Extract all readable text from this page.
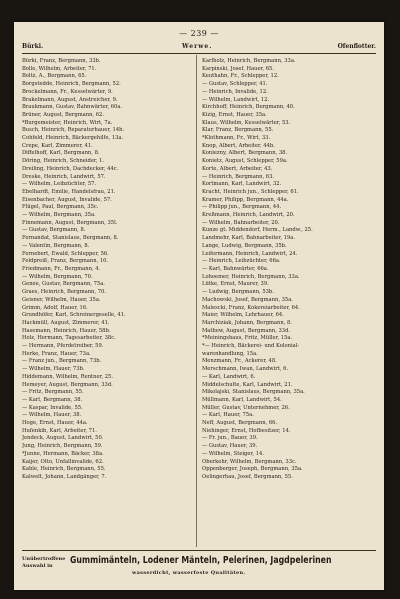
— 239 —
Bürki.	Werwe.	Ofenflotter.
Bürki, Franz, Bergmann, 33b.
Bolle, Wilhelm, Arbeiter, 71.
Boltz, A., Bergmann, 65.
Borgstedde, Heinrich, Bergmann, 52.
Brockelmann, Fr., Kesselwärter, 9.
Brakelmann, August, Anstreicher, 9.
Braukmann, Gustav, Bahnwärter, 60a.
Brüner, August, Bergmann, 62.
*Burgemeister, Heinrich, Wirt, 7a.
Busch, Heinrich, Reparaturhauer, 14b.
Cohfeld, Heinrich, Bäckergehilfe, 13a.
Crepe, Karl, Zimmerer, 41.
Diffelhoff, Karl, Bergmann, 8.
Döring, Heinrich, Schneider, 1.
Dreiling, Heinrich, Dachdecker, 44c.
Dreske, Heinrich, Landwirt, 57.
— Wilhelm, Leibzüchter, 57.
Ebelhardt, Emilie, Handelsfrau, 21.
Eisenbacher, August, Invalide, 57.
Flügel, Paul, Bergmann, 35c.
— Wilhelm, Bergmann, 35a.
Finnemann, August, Bergmann, 35l.
— Gustav, Bergmann, 8.
Fernandat, Stanislaus, Bergmann, 8.
— Valentin, Bergmann, 8.
Fernebert, Ewald, Schlepper, 56.
Feldpreiß, Franz, Bergmann, 10.
Friedmann, Fr., Bergmann, 4.
— Wilhelm, Bergmann, 70.
Genée, Gustav, Bergmann, 75a.
Graes, Heinrich, Bergmann, 70.
Geisner, Wilhelm, Hauer, 35a.
Grimm, Adolf, Hauer, 16.
Grundhöfer, Karl, Schreinergeselle, 41.
Hackmüll, August, Zimmerer, 41.
Hasemann, Heinrich, Hauer, 58b.
Holz, Hermann, Tagesarbeiter, 38c.
— Hermann, Pferdetreiber, 59.
Herke, Franz, Hauer, 73a.
— Franz jun., Bergmann, 73b.
— Wilhelm, Hauer, 73b.
Hiddemann, Wilhelm, Rentner, 25.
Hemeyer, August, Bergmann, 33d.
— Fritz, Bergmann, 55.
— Karl, Bergmann, 38.
— Kaspar, Invalide, 55.
— Wilhelm, Hauer, 38.
Hoge, Ernst, Hauer, 44a.
Hufenkib, Karl, Arbeiter, 71.
Jendeck, August, Landwirt, 50.
Jung, Heinrich, Bergmann, 59.
*Junne, Hermann, Bäcker, 38a.
Kaijer, Otto, Unfallinvalide, 62.
Kahle, Heinrich, Bergmann, 55.
Kalwelt, Johann, Landgänger, 7.
Karlholz, Heinrich, Bergmann, 33a.
Karpinski, Josef, Hauer, 65.
Keuthahn, Fr., Schlepper, 12.
— Gustav, Schlepper, 41.
— Heinrich, Invalide, 12.
— Wilhelm, Landwirt, 12.
Kirchhoff, Heinrich, Bergmann, 40.
Kizig, Ernst, Hauer, 35a.
Klaus, Wilhelm, Kesselwärter, 53.
Klar, Franz, Bergmann, 55.
*Klothmann, Fr., Wirt, 33.
Knop, Albert, Arbeiter, 44b.
Koniezny, Albert, Bergmann, 38.
Konietz, August, Schlepper, 59a.
Korte, Albert, Arbeiter, 43.
— Heinrich, Bergmann, 63.
Kortmann, Karl, Landwirt, 32.
Kracht, Heinrich jun., Schlepper, 61.
Kramer, Philipp, Bergmann, 44a.
— Philipp jun., Bergmann, 44.
Kreßmann, Heinrich, Landwirt, 20.
— Wilhelm, Bahnarbeiter, 20.
Kunze gt. Middendorf, Herm., Landw., 25.
Landmehr, Karl, Bahnarbeiter, 19a.
Lange, Ludwig, Bergmann, 35b.
Leifermann, Heinrich, Landwirt, 24.
— Heinrich, Leibzüchter, 66a.
— Karl, Bahnwärter, 66a.
Lohoemer, Heinrich, Bergmann, 33a.
Lütke, Ernst, Maurer, 39.
— Ludwig, Bergmann, 53b.
Machowski, Josef, Bergmann, 35a.
Malescki, Franz, Kokereiarbeiter, 64.
Maier, Wilhelm, Lehrhauer, 64.
Marchiziak, Johann, Bergmann, 8.
Mathew, August, Bergmann, 33d.
*Meiningshaus, Fritz, Müller, 15a.
*— Heinrich, Bäckerei- und Kolonial-
warenhandlung, 15a.
Menzmann, Fr., Ackerer, 48.
Merschmann, Iwan, Landwirt, 6.
— Karl, Landwirt, 6.
Middelschulte, Karl, Landwirt, 21.
Mikolajski, Stanislaus, Bergmann, 35a.
Müllmann, Karl, Landwirt, 54.
Müller, Gustav, Unternehmer, 26.
— Karl, Hauer, 75a.
Neff, August, Bergmann, 66.
Niehinger, Ernst, Hofbesitzer, 14.
— Fr. jun., Bauer, 39.
— Gustav, Hauer, 39.
— Wilhelm, Steiger, 14.
Oberkehr, Wilhelm, Bergmann, 33c.
Oppenberger, Joseph, Bergmann, 35a.
Oelingerhau, Josef, Bergmann, 55.
Unübertroffene Auswahl in	Gummimänteln, Lodener Mänteln, Pelerinen, Jagdpelerinen
wasserdicht, wasserfeste Qualitäten.
